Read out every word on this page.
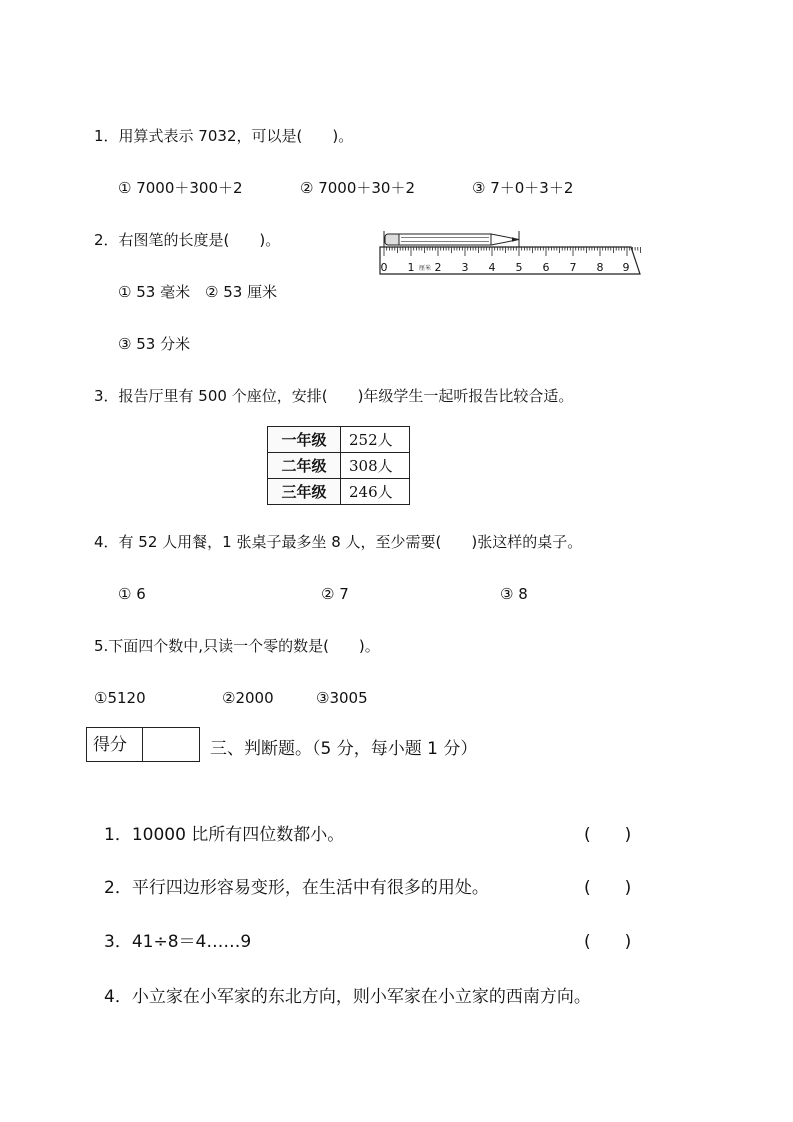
1．用算式表示 7032，可以是(　　)。
① 7000＋300＋2	② 7000＋30＋2	③ 7＋0＋3＋2
2．右图笔的长度是(　　)。
0 1 厘米 2 3 4 5 6 7 8 9
① 53 毫米 ② 53 厘米
③ 53 分米
3．报告厅里有 500 个座位，安排(　　)年级学生一起听报告比较合适。
一年级	252人
二年级	308人
三年级	246人
4．有 52 人用餐，1 张桌子最多坐 8 人，至少需要(　　)张这样的桌子。
① 6	② 7	③ 8
5.下面四个数中,只读一个零的数是(　　)。
①5120	②2000	③3005
得分	三、判断题。（5 分，每小题 1 分）
1．10000 比所有四位数都小。	(　　)
2．平行四边形容易变形，在生活中有很多的用处。	(　　)
3．41÷8＝4……9	(　　)
4．小立家在小军家的东北方向，则小军家在小立家的西南方向。
